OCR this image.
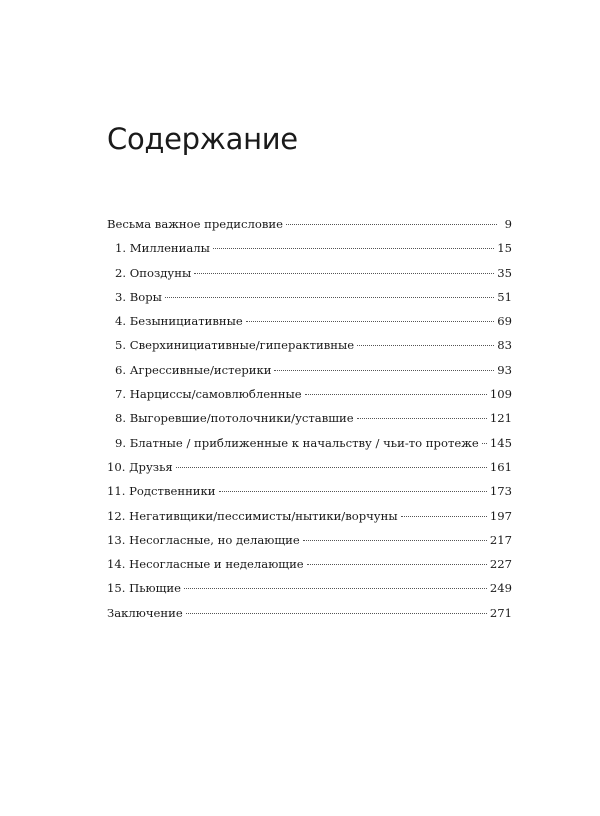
Содержание
Весьма важное предисловие	9
1. Миллениалы	15
2. Опоздуны	35
3. Воры	51
4. Безынициативные	69
5. Сверхинициативные/гиперактивные	83
6. Агрессивные/истерики	93
7. Нарциссы/самовлюбленные	109
8. Выгоревшие/потолочники/уставшие	121
9. Блатные / приближенные к начальству / чьи-то протеже 145
10. Друзья	161
11. Родственники	173
12. Негативщики/пессимисты/нытики/ворчуны	197
13. Несогласные, но делающие	217
14. Несогласные и неделающие	227
15. Пьющие	249
Заключение	271
